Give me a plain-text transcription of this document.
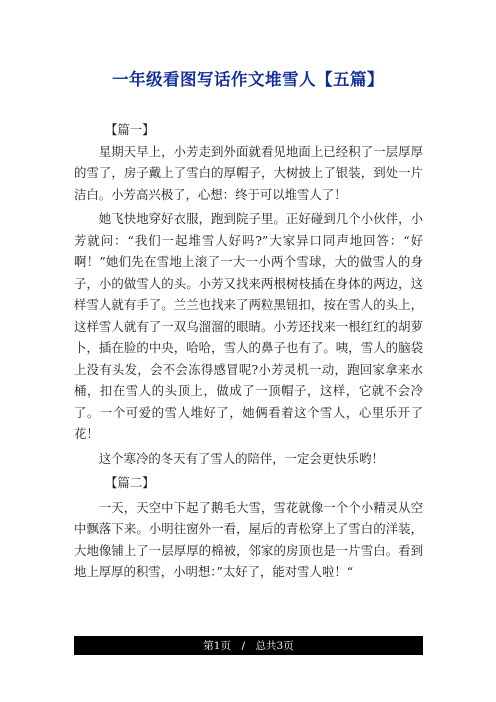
一年级看图写话作文堆雪人【五篇】

【篇一】

星期天早上，小芳走到外面就看见地面上已经积了一层厚厚的雪了，房子戴上了雪白的厚帽子，大树披上了银装，到处一片洁白。小芳高兴极了，心想：终于可以堆雪人了！

她飞快地穿好衣服，跑到院子里。正好碰到几个小伙伴，小芳就问：“我们一起堆雪人好吗?”大家异口同声地回答：“好啊！”她们先在雪地上滚了一大一小两个雪球，大的做雪人的身子，小的做雪人的头。小芳又找来两根树枝插在身体的两边，这样雪人就有手了。兰兰也找来了两粒黑钮扣，按在雪人的头上，这样雪人就有了一双乌溜溜的眼睛。小芳还找来一根红红的胡萝卜，插在脸的中央，哈哈，雪人的鼻子也有了。咦，雪人的脑袋上没有头发，会不会冻得感冒呢?小芳灵机一动，跑回家拿来水桶，扣在雪人的头顶上，做成了一顶帽子，这样，它就不会冷了。一个可爱的雪人堆好了，她俩看着这个雪人，心里乐开了花！

这个寒冷的冬天有了雪人的陪伴，一定会更快乐哟！

【篇二】

一天，天空中下起了鹅毛大雪，雪花就像一个个小精灵从空中飘落下来。小明往窗外一看，屋后的青松穿上了雪白的洋装，大地像铺上了一层厚厚的棉被，邻家的房顶也是一片雪白。看到地上厚厚的积雪，小明想：”太好了，能对雪人啦！“

第1页　/　总共3页
